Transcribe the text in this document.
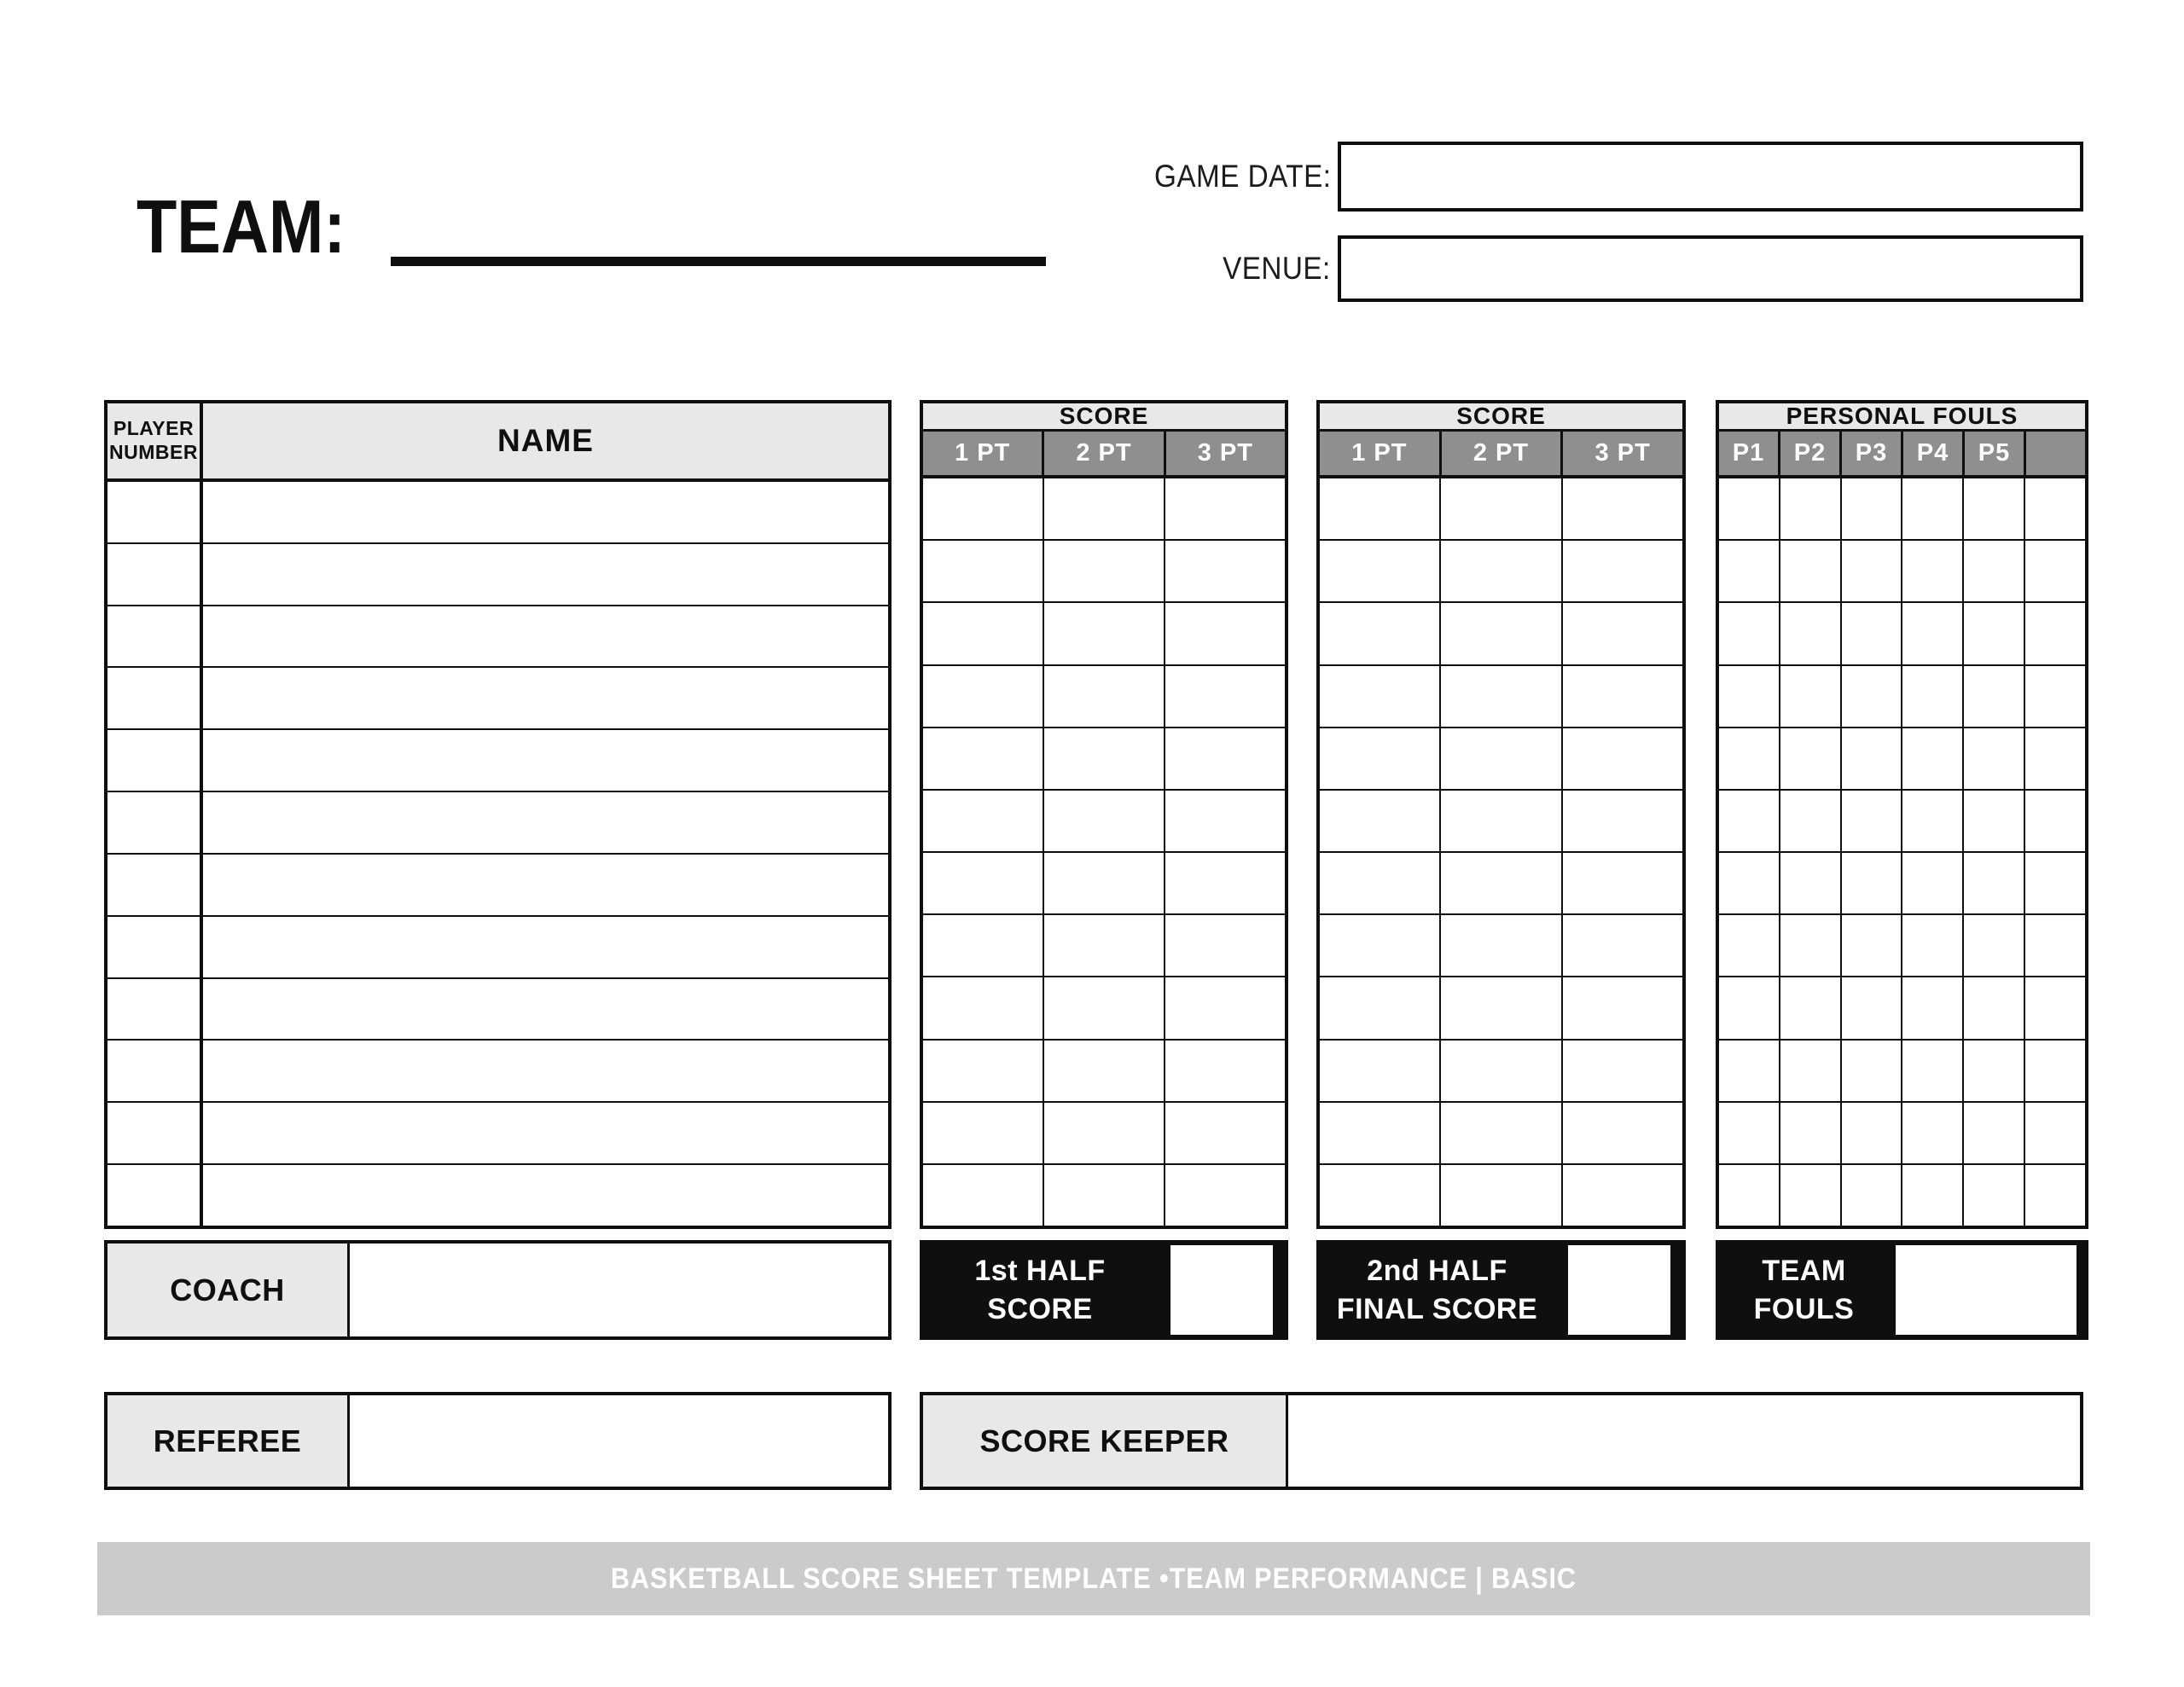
TEAM:
GAME DATE:
VENUE:
PLAYER
NUMBER	NAME
SCORE
1 PT	2 PT	3 PT
SCORE
1 PT	2 PT	3 PT
PERSONAL FOULS
P1	P2	P3	P4	P5
1st HALF
SCORE
2nd HALF
FINAL SCORE
TEAM
FOULS
COACH
REFEREE	SCORE KEEPER
BASKETBALL SCORE SHEET TEMPLATE •TEAM PERFORMANCE | BASIC
